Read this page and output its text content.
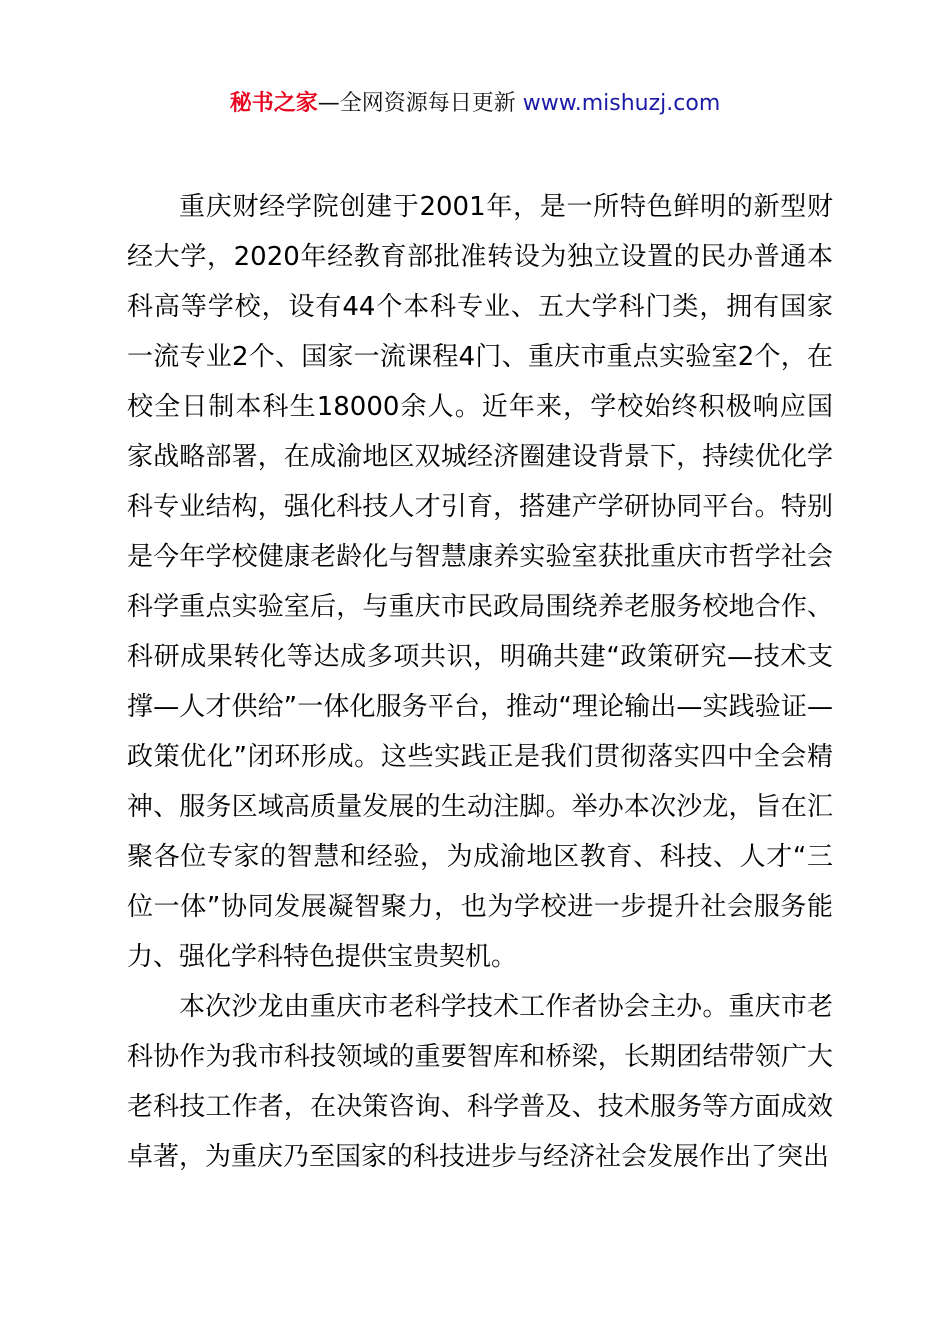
秘书之家—全网资源每日更新 www.mishuzj.com

重庆财经学院创建于2001年，是一所特色鲜明的新型财经大学，2020年经教育部批准转设为独立设置的民办普通本科高等学校，设有44个本科专业、五大学科门类，拥有国家一流专业2个、国家一流课程4门、重庆市重点实验室2个，在校全日制本科生18000余人。近年来，学校始终积极响应国家战略部署，在成渝地区双城经济圈建设背景下，持续优化学科专业结构，强化科技人才引育，搭建产学研协同平台。特别是今年学校健康老龄化与智慧康养实验室获批重庆市哲学社会科学重点实验室后，与重庆市民政局围绕养老服务校地合作、科研成果转化等达成多项共识，明确共建“政策研究—技术支撑—人才供给”一体化服务平台，推动“理论输出—实践验证—政策优化”闭环形成。这些实践正是我们贯彻落实四中全会精神、服务区域高质量发展的生动注脚。举办本次沙龙，旨在汇聚各位专家的智慧和经验，为成渝地区教育、科技、人才“三位一体”协同发展凝智聚力，也为学校进一步提升社会服务能力、强化学科特色提供宝贵契机。

本次沙龙由重庆市老科学技术工作者协会主办。重庆市老科协作为我市科技领域的重要智库和桥梁，长期团结带领广大老科技工作者，在决策咨询、科学普及、技术服务等方面成效卓著，为重庆乃至国家的科技进步与经济社会发展作出了突出
